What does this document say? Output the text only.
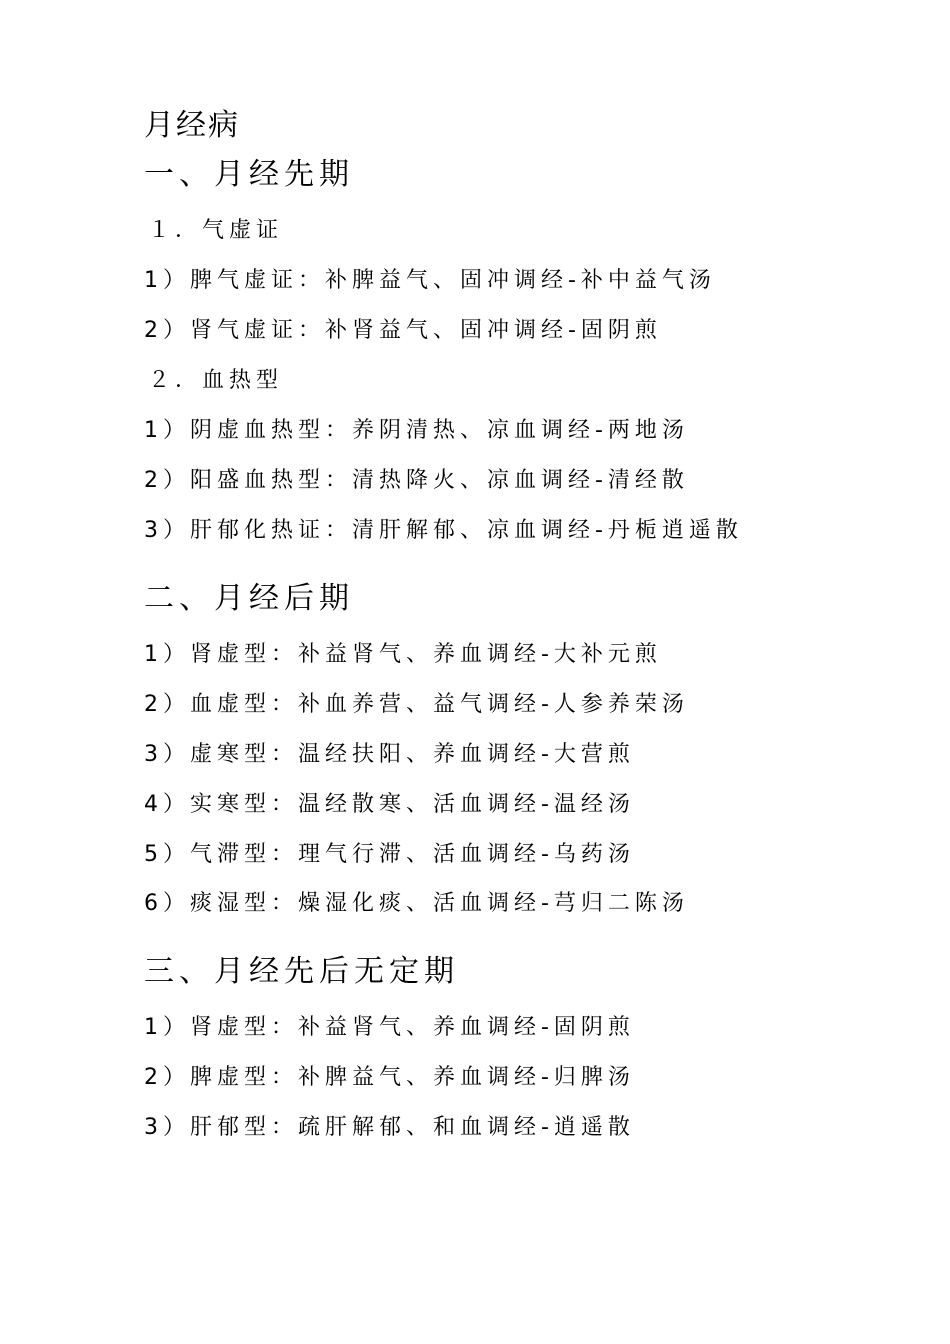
月经病
一、月经先期
１．气虚证
1）脾气虚证：补脾益气、固冲调经-补中益气汤
2）肾气虚证：补肾益气、固冲调经-固阴煎
２．血热型
1）阴虚血热型：养阴清热、凉血调经-两地汤
2）阳盛血热型：清热降火、凉血调经-清经散
3）肝郁化热证：清肝解郁、凉血调经-丹栀逍遥散
二、月经后期
1）肾虚型：补益肾气、养血调经-大补元煎
2）血虚型：补血养营、益气调经-人参养荣汤
3）虚寒型：温经扶阳、养血调经-大营煎
4）实寒型：温经散寒、活血调经-温经汤
5）气滞型：理气行滞、活血调经-乌药汤
6）痰湿型：燥湿化痰、活血调经-芎归二陈汤
三、月经先后无定期
1）肾虚型：补益肾气、养血调经-固阴煎
2）脾虚型：补脾益气、养血调经-归脾汤
3）肝郁型：疏肝解郁、和血调经-逍遥散
